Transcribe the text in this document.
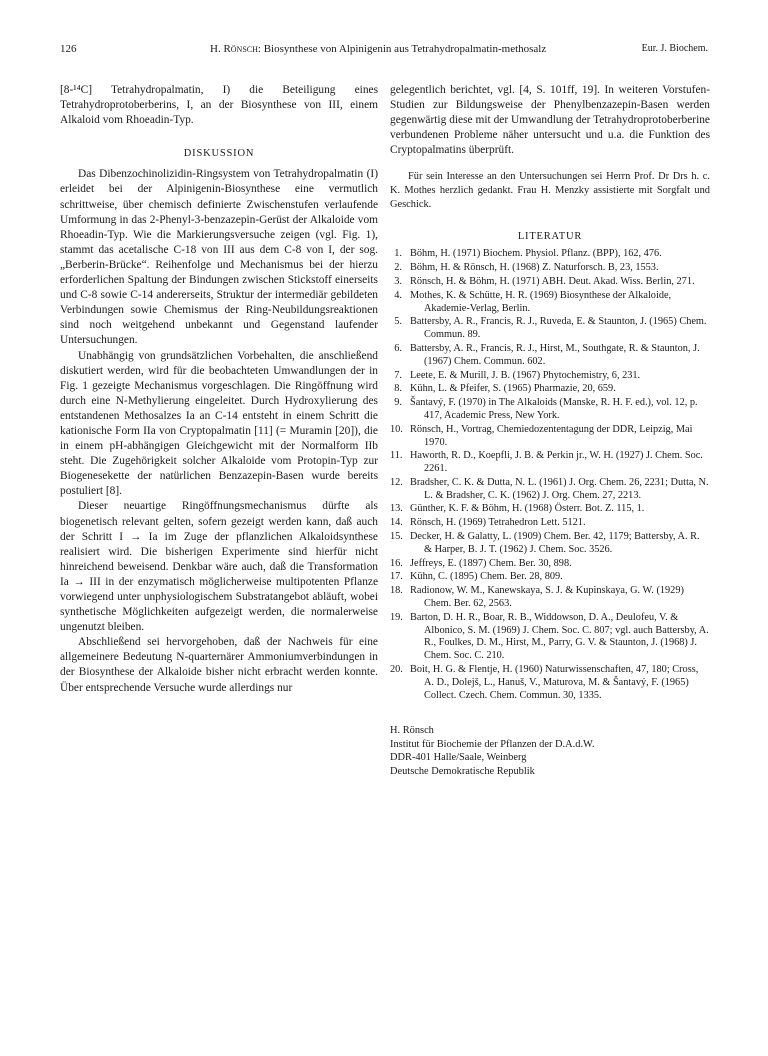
126	H. Rönsch: Biosynthese von Alpinigenin aus Tetrahydropalmatin-methosalz	Eur. J. Biochem.

[8-¹⁴C] Tetrahydropalmatin, I) die Beteiligung eines Tetrahydroprotoberberins, I, an der Biosynthese von III, einem Alkaloid vom Rhoeadin-Typ.

DISKUSSION

Das Dibenzochinolizidin-Ringsystem von Tetrahydropalmatin (I) erleidet bei der Alpinigenin-Biosynthese eine vermutlich schrittweise, über chemisch definierte Zwischenstufen verlaufende Umformung in das 2-Phenyl-3-benzazepin-Gerüst der Alkaloide vom Rhoeadin-Typ. Wie die Markierungsversuche zeigen (vgl. Fig. 1), stammt das acetalische C-18 von III aus dem C-8 von I, der sog. „Berberin-Brücke“. Reihenfolge und Mechanismus bei der hierzu erforderlichen Spaltung der Bindungen zwischen Stickstoff einerseits und C-8 sowie C-14 andererseits, Struktur der intermediär gebildeten Verbindungen sowie Chemismus der Ring-Neubildungsreaktionen sind noch weitgehend unbekannt und Gegenstand laufender Untersuchungen.

Unabhängig von grundsätzlichen Vorbehalten, die anschließend diskutiert werden, wird für die beobachteten Umwandlungen der in Fig. 1 gezeigte Mechanismus vorgeschlagen. Die Ringöffnung wird durch eine N-Methylierung eingeleitet. Durch Hydroxylierung des entstandenen Methosalzes Ia an C-14 entsteht in einem Schritt die kationische Form IIa von Cryptopalmatin [11] (= Muramin [20]), die in einem pH-abhängigen Gleichgewicht mit der Normalform IIb steht. Die Zugehörigkeit solcher Alkaloide vom Protopin-Typ zur Biogenesekette der natürlichen Benzazepin-Basen wurde bereits postuliert [8].

Dieser neuartige Ringöffnungsmechanismus dürfte als biogenetisch relevant gelten, sofern gezeigt werden kann, daß auch der Schritt I → Ia im Zuge der pflanzlichen Alkaloidsynthese realisiert wird. Die bisherigen Experimente sind hierfür nicht hinreichend beweisend. Denkbar wäre auch, daß die Transformation Ia → III in der enzymatisch möglicherweise multipotenten Pflanze vorwiegend unter unphysiologischem Substratangebot abläuft, wobei synthetische Möglichkeiten aufgezeigt werden, die normalerweise ungenutzt bleiben.

Abschließend sei hervorgehoben, daß der Nachweis für eine allgemeinere Bedeutung N-quarternärer Ammoniumverbindungen in der Biosynthese der Alkaloide bisher nicht erbracht werden konnte. Über entsprechende Versuche wurde allerdings nur

gelegentlich berichtet, vgl. [4, S. 101ff, 19]. In weiteren Vorstufen-Studien zur Bildungsweise der Phenylbenzazepin-Basen werden gegenwärtig diese mit der Umwandlung der Tetrahydroprotoberberine verbundenen Probleme näher untersucht und u.a. die Funktion des Cryptopalmatins überprüft.

Für sein Interesse an den Untersuchungen sei Herrn Prof. Dr Drs h. c. K. Mothes herzlich gedankt. Frau H. Menzky assistierte mit Sorgfalt und Geschick.

LITERATUR
1. Böhm, H. (1971) Biochem. Physiol. Pflanz. (BPP), 162, 476.
2. Böhm, H. & Rönsch, H. (1968) Z. Naturforsch. B, 23, 1553.
3. Rönsch, H. & Böhm, H. (1971) ABH. Deut. Akad. Wiss. Berlin, 271.
4. Mothes, K. & Schütte, H. R. (1969) Biosynthese der Alkaloide, Akademie-Verlag, Berlin.
5. Battersby, A. R., Francis, R. J., Ruveda, E. & Staunton, J. (1965) Chem. Commun. 89.
6. Battersby, A. R., Francis, R. J., Hirst, M., Southgate, R. & Staunton, J. (1967) Chem. Commun. 602.
7. Leete, E. & Murill, J. B. (1967) Phytochemistry, 6, 231.
8. Kühn, L. & Pfeifer, S. (1965) Pharmazie, 20, 659.
9. Šantavý, F. (1970) in The Alkaloids (Manske, R. H. F. ed.), vol. 12, p. 417, Academic Press, New York.
10. Rönsch, H., Vortrag, Chemiedozententagung der DDR, Leipzig, Mai 1970.
11. Haworth, R. D., Koepfli, J. B. & Perkin jr., W. H. (1927) J. Chem. Soc. 2261.
12. Bradsher, C. K. & Dutta, N. L. (1961) J. Org. Chem. 26, 2231; Dutta, N. L. & Bradsher, C. K. (1962) J. Org. Chem. 27, 2213.
13. Günther, K. F. & Böhm, H. (1968) Österr. Bot. Z. 115, 1.
14. Rönsch, H. (1969) Tetrahedron Lett. 5121.
15. Decker, H. & Galatty, L. (1909) Chem. Ber. 42, 1179; Battersby, A. R. & Harper, B. J. T. (1962) J. Chem. Soc. 3526.
16. Jeffreys, E. (1897) Chem. Ber. 30, 898.
17. Kühn, C. (1895) Chem. Ber. 28, 809.
18. Radionow, W. M., Kanewskaya, S. J. & Kupinskaya, G. W. (1929) Chem. Ber. 62, 2563.
19. Barton, D. H. R., Boar, R. B., Widdowson, D. A., Deulofeu, V. & Albonico, S. M. (1969) J. Chem. Soc. C. 807; vgl. auch Battersby, A. R., Foulkes, D. M., Hirst, M., Parry, G. V. & Staunton, J. (1968) J. Chem. Soc. C. 210.
20. Boit, H. G. & Flentje, H. (1960) Naturwissenschaften, 47, 180; Cross, A. D., Doleјš, L., Hanuš, V., Maturova, M. & Šantavý, F. (1965) Collect. Czech. Chem. Commun. 30, 1335.
H. Rönsch
Institut für Biochemie der Pflanzen der D.A.d.W.
DDR-401 Halle/Saale, Weinberg
Deutsche Demokratische Republik
